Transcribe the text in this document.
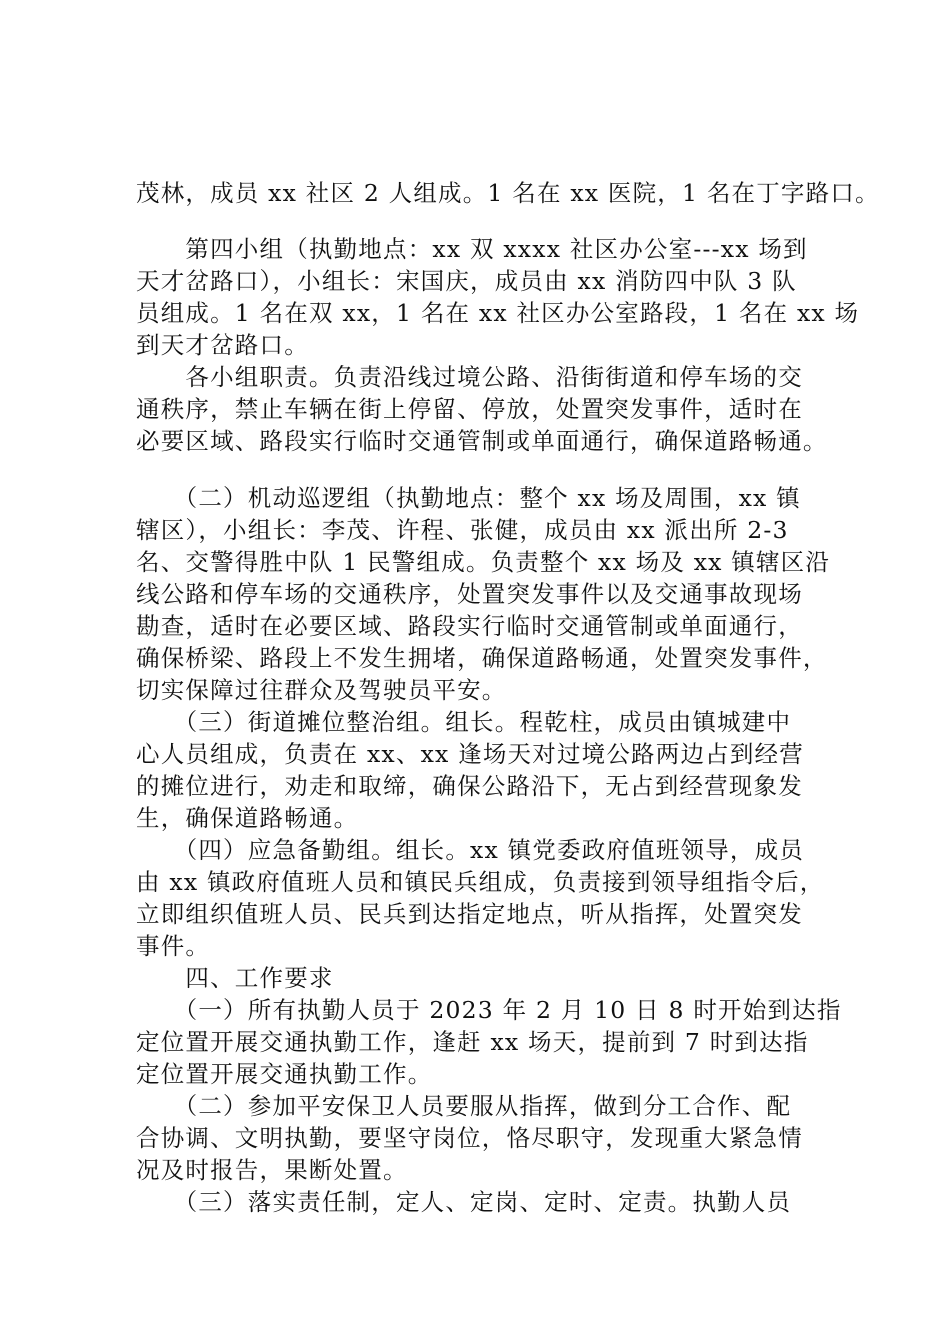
茂林，成员 xx 社区 2 人组成。1 名在 xx 医院，1 名在丁字路口。
　　第四小组（执勤地点：xx 双 xxxx 社区办公室---xx 场到
天才岔路口），小组长：宋国庆，成员由 xx 消防四中队 3 队
员组成。1 名在双 xx，1 名在 xx 社区办公室路段，1 名在 xx 场
到天才岔路口。
　　各小组职责。负责沿线过境公路、沿街街道和停车场的交
通秩序，禁止车辆在街上停留、停放，处置突发事件，适时在
必要区域、路段实行临时交通管制或单面通行，确保道路畅通。
　　（二）机动巡逻组（执勤地点：整个 xx 场及周围，xx 镇
辖区），小组长：李茂、许程、张健，成员由 xx 派出所 2-3
名、交警得胜中队 1 民警组成。负责整个 xx 场及 xx 镇辖区沿
线公路和停车场的交通秩序，处置突发事件以及交通事故现场
勘查，适时在必要区域、路段实行临时交通管制或单面通行，
确保桥梁、路段上不发生拥堵，确保道路畅通，处置突发事件，
切实保障过往群众及驾驶员平安。
　　（三）街道摊位整治组。组长。程乾柱，成员由镇城建中
心人员组成，负责在 xx、xx 逢场天对过境公路两边占到经营
的摊位进行，劝走和取缔，确保公路沿下，无占到经营现象发
生，确保道路畅通。
　　（四）应急备勤组。组长。xx 镇党委政府值班领导，成员
由 xx 镇政府值班人员和镇民兵组成，负责接到领导组指令后，
立即组织值班人员、民兵到达指定地点，听从指挥，处置突发
事件。
　　四、工作要求
　　（一）所有执勤人员于 2023 年 2 月 10 日 8 时开始到达指
定位置开展交通执勤工作，逢赶 xx 场天，提前到 7 时到达指
定位置开展交通执勤工作。
　　（二）参加平安保卫人员要服从指挥，做到分工合作、配
合协调、文明执勤，要坚守岗位，恪尽职守，发现重大紧急情
况及时报告，果断处置。
　　（三）落实责任制，定人、定岗、定时、定责。执勤人员
